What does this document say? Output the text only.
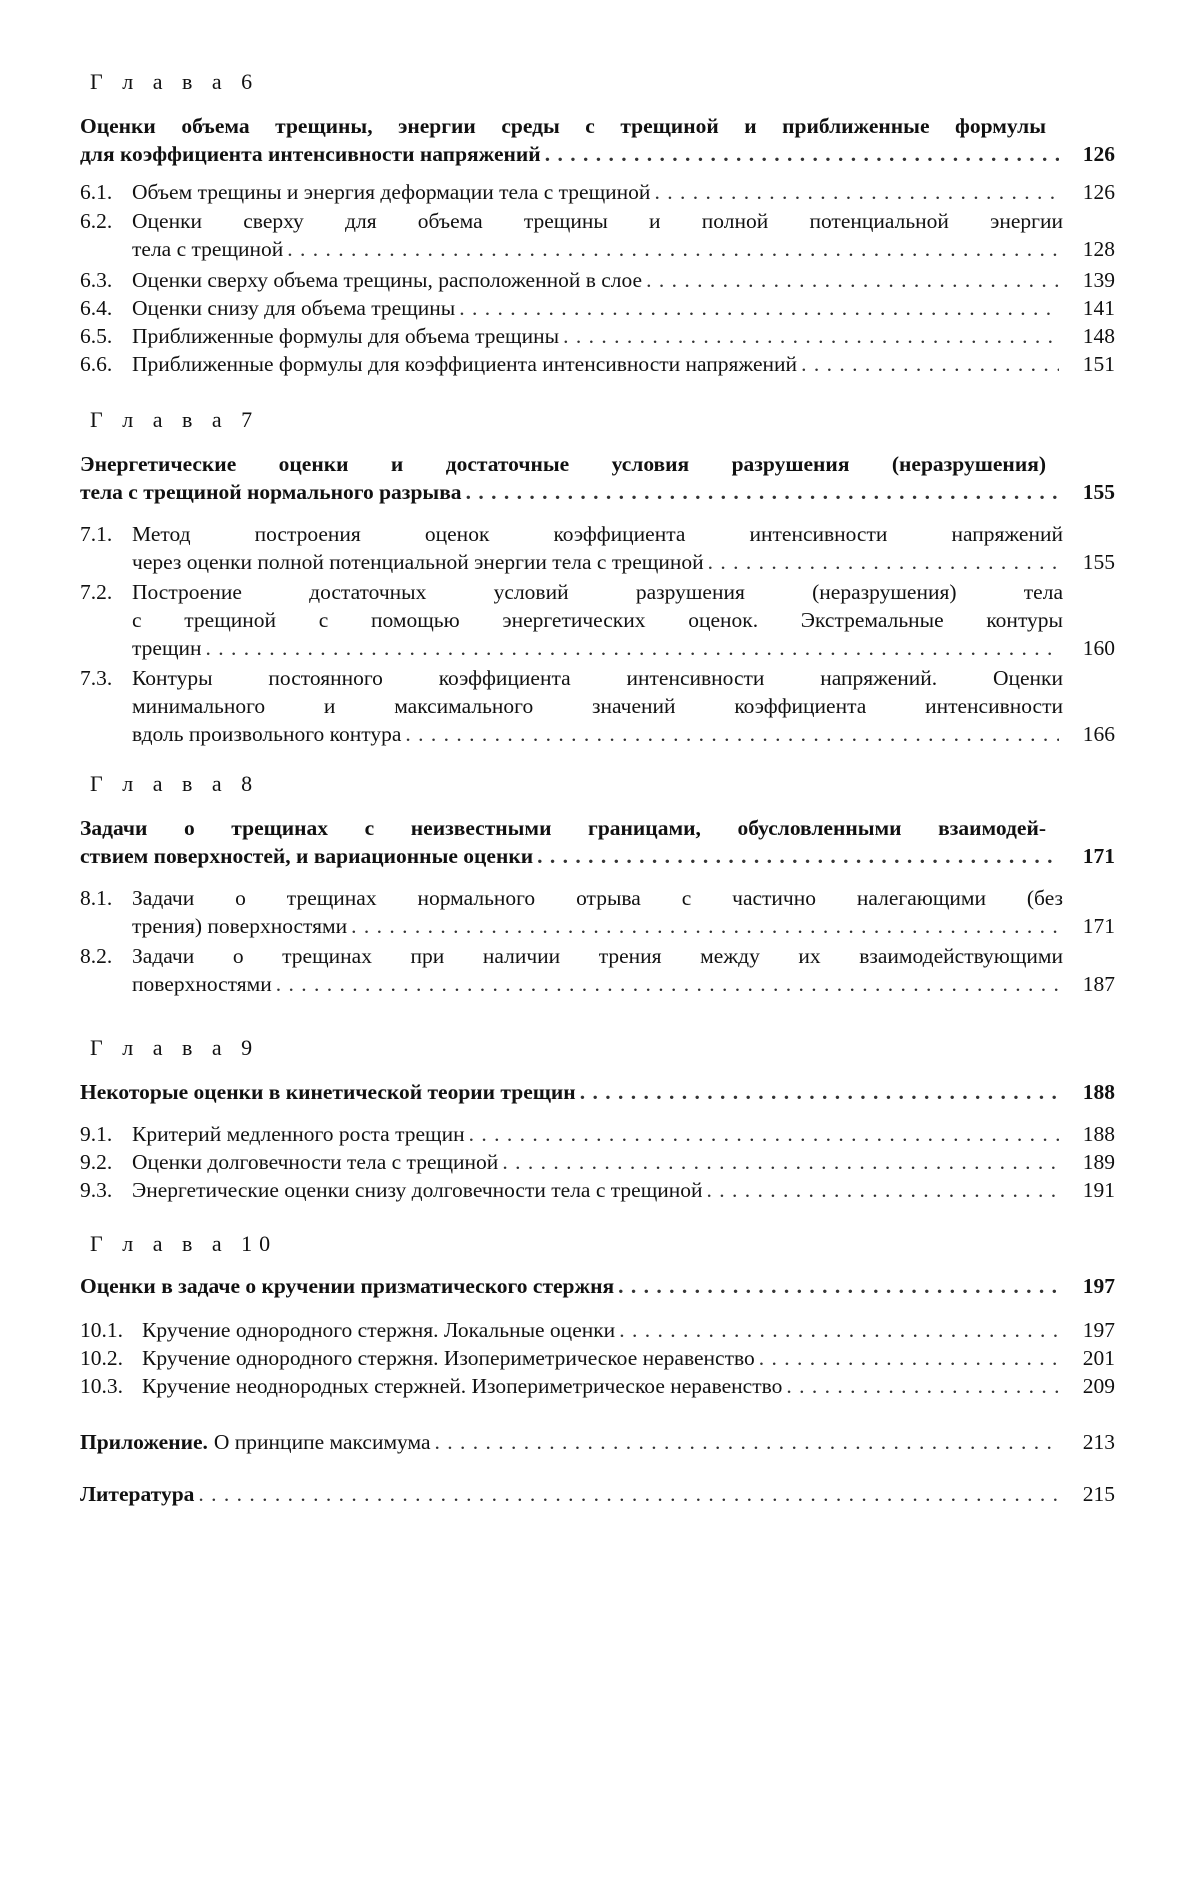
Г л а в а 6
Оценки объема трещины, энергии среды с трещиной и приближенные формулы
для коэффициента интенсивности напряжений
. . .	126
6.1. Объем трещины и энергия деформации тела с трещиной
. . .	126
6.2. Оценки сверху для объема трещины и полной потенциальной энергии
тела с трещиной
. . .	128
6.3. Оценки сверху объема трещины, расположенной в слое
. . .	139
6.4. Оценки снизу для объема трещины
. . .	141
6.5. Приближенные формулы для объема трещины
. . .	148
6.6. Приближенные формулы для коэффициента интенсивности напряжений
. . .	151
Г л а в а 7
Энергетические оценки и достаточные условия разрушения (неразрушения)
тела с трещиной нормального разрыва
. . .	155
7.1. Метод построения оценок коэффициента интенсивности напряжений
через оценки полной потенциальной энергии тела с трещиной
. . .	155
7.2. Построение достаточных условий разрушения (неразрушения) тела
с трещиной с помощью энергетических оценок. Экстремальные контуры
трещин
. . .	160
7.3. Контуры постоянного коэффициента интенсивности напряжений. Оценки
минимального и максимального значений коэффициента интенсивности
вдоль произвольного контура
. . .	166
Г л а в а 8
Задачи о трещинах с неизвестными границами, обусловленными взаимодей-
ствием поверхностей, и вариационные оценки
. . .	171
8.1. Задачи о трещинах нормального отрыва с частично налегающими (без
трения) поверхностями
. . .	171
8.2. Задачи о трещинах при наличии трения между их взаимодействующими
поверхностями
. . .	187
Г л а в а 9
Некоторые оценки в кинетической теории трещин
. . .	188
9.1. Критерий медленного роста трещин
. . .	188
9.2. Оценки долговечности тела с трещиной
. . .	189
9.3. Энергетические оценки снизу долговечности тела с трещиной
. . .	191
Г л а в а 10
Оценки в задаче о кручении призматического стержня
. . .	197
10.1. Кручение однородного стержня. Локальные оценки
. . .	197
10.2. Кручение однородного стержня. Изопериметрическое неравенство
. . .	201
10.3. Кручение неоднородных стержней. Изопериметрическое неравенство
. . .	209
Приложение. О принципе максимума
. . .	213
Литература
. . .	215
